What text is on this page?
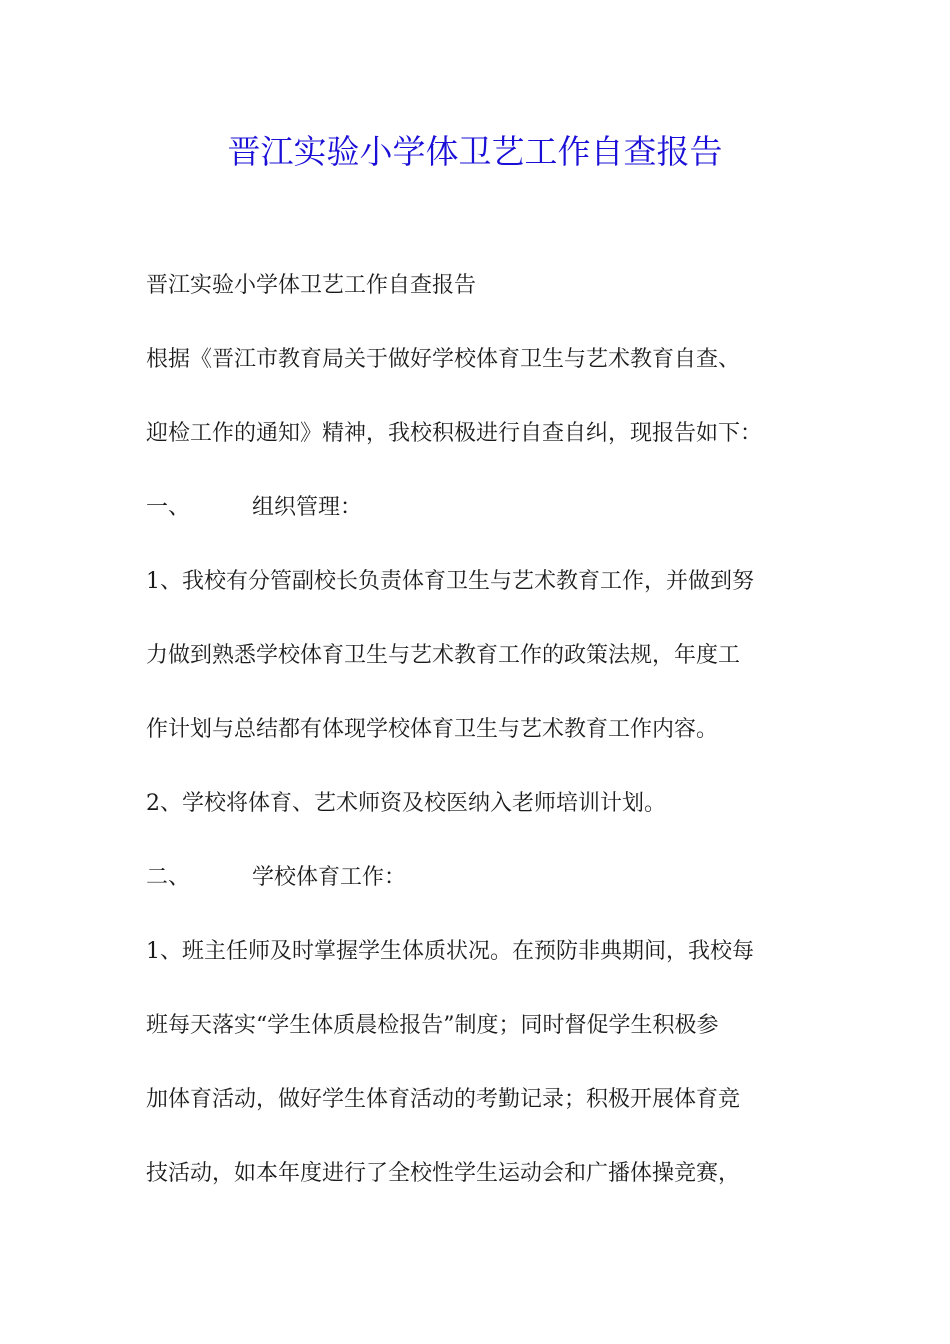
晋江实验小学体卫艺工作自查报告
晋江实验小学体卫艺工作自查报告
根据《晋江市教育局关于做好学校体育卫生与艺术教育自查、
迎检工作的通知》精神，我校积极进行自查自纠，现报告如下：
一、	组织管理：
1、我校有分管副校长负责体育卫生与艺术教育工作，并做到努
力做到熟悉学校体育卫生与艺术教育工作的政策法规，年度工
作计划与总结都有体现学校体育卫生与艺术教育工作内容。
2、学校将体育、艺术师资及校医纳入老师培训计划。
二、	学校体育工作：
1、班主任师及时掌握学生体质状况。在预防非典期间，我校每
班每天落实“学生体质晨检报告”制度；同时督促学生积极参
加体育活动，做好学生体育活动的考勤记录；积极开展体育竞
技活动，如本年度进行了全校性学生运动会和广播体操竞赛，
